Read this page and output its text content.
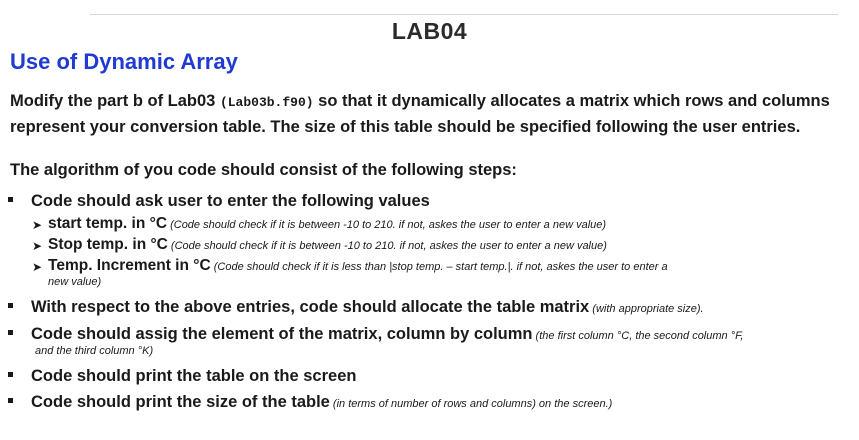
LAB04
Use of Dynamic Array
Modify the part b of Lab03 (Lab03b.f90) so that it dynamically allocates a matrix which rows and columns represent your conversion table. The size of this table should be specified following the user entries.
The algorithm of you code should consist of the following steps:
Code should ask user to enter the following values
➤ start temp. in °C (Code should check if it is between -10 to 210. if not, askes the user to enter a new value)
➤ Stop temp. in °C (Code should check if it is between -10 to 210. if not, askes the user to enter a new value)
➤ Temp. Increment in °C (Code should check if it is less than |stop temp. – start temp.|. if not, askes the user to enter a
new value)
With respect to the above entries, code should allocate the table matrix (with appropriate size).
Code should assig the element of the matrix, column by column (the first column °C, the second column °F,
and the third column °K)
Code should print the table on the screen
Code should print the size of the table (in terms of number of rows and columns) on the screen.)
